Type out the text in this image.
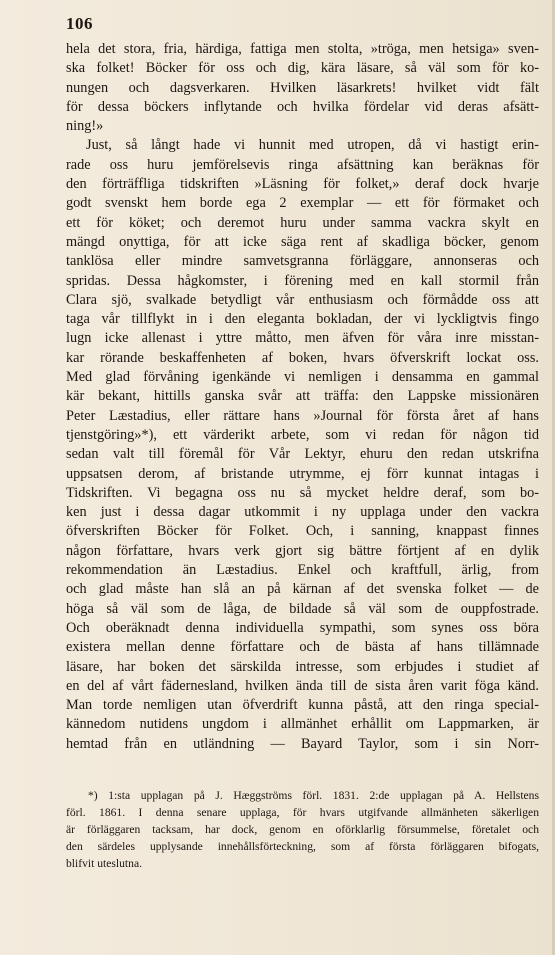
106
hela det stora, fria, härdiga, fattiga men stolta, »tröga, men hetsiga» sven-
ska folket! Böcker för oss och dig, kära läsare, så väl som för ko-
nungen och dagsverkaren. Hvilken läsarkrets! hvilket vidt fält
för dessa böckers inflytande och hvilka fördelar vid deras afsätt-
ning!»
Just, så långt hade vi hunnit med utropen, då vi hastigt erin-
rade oss huru jemförelsevis ringa afsättning kan beräknas för
den förträffliga tidskriften »Läsning för folket,» deraf dock hvarje
godt svenskt hem borde ega 2 exemplar — ett för förmaket och
ett för köket; och deremot huru under samma vackra skylt en
mängd onyttiga, för att icke säga rent af skadliga böcker, genom
tanklösa eller mindre samvetsgranna förläggare, annonseras och
spridas. Dessa hågkomster, i förening med en kall stormil från
Clara sjö, svalkade betydligt vår enthusiasm och förmådde oss att
taga vår tillflykt in i den eleganta bokladan, der vi lyckligtvis fingo
lugn icke allenast i yttre måtto, men äfven för våra inre misstan-
kar rörande beskaffenheten af boken, hvars öfverskrift lockat oss.
Med glad förvåning igenkände vi nemligen i densamma en gammal
kär bekant, hittills ganska svår att träffa: den Lappske missionären
Peter Læstadius, eller rättare hans »Journal för första året af hans
tjenstgöring»*), ett värderikt arbete, som vi redan för någon tid
sedan valt till föremål för Vår Lektyr, ehuru den redan utskrifna
uppsatsen derom, af bristande utrymme, ej förr kunnat intagas i
Tidskriften. Vi begagna oss nu så mycket heldre deraf, som bo-
ken just i dessa dagar utkommit i ny upplaga under den vackra
öfverskriften Böcker för Folket. Och, i sanning, knappast finnes
någon författare, hvars verk gjort sig bättre förtjent af en dylik
rekommendation än Læstadius. Enkel och kraftfull, ärlig, from
och glad måste han slå an på kärnan af det svenska folket — de
höga så väl som de låga, de bildade så väl som de ouppfostrade.
Och oberäknadt denna individuella sympathi, som synes oss böra
existera mellan denne författare och de bästa af hans tillämnade
läsare, har boken det särskilda intresse, som erbjudes i studiet af
en del af vårt fädernesland, hvilken ända till de sista åren varit föga känd.
Man torde nemligen utan öfverdrift kunna påstå, att den ringa special-
kännedom nutidens ungdom i allmänhet erhållit om Lappmarken, är
hemtad från en utländning — Bayard Taylor, som i sin Norr-
*) 1:sta upplagan på J. Hæggströms förl. 1831. 2:de upplagan på A. Hellstens
förl. 1861. I denna senare upplaga, för hvars utgifvande allmänheten säkerligen
är förläggaren tacksam, har dock, genom en oförklarlig försummelse, företalet och
den särdeles upplysande innehållsförteckning, som af första förläggaren bifogats,
blifvit uteslutna.
